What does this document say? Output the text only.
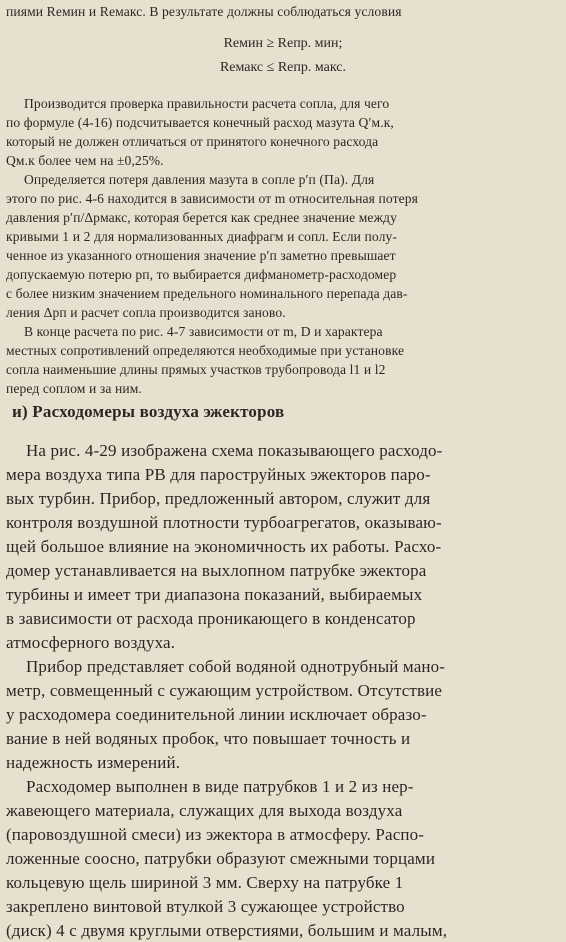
пиями Reмин и Reмакс. В результате должны соблюдаться условия
Reмин ≥ Reпр. мин;
Reмакс ≤ Reпр. макс.
Производится проверка правильности расчета сопла, для чего
по формуле (4-16) подсчитывается конечный расход мазута Q′м.к,
который не должен отличаться от принятого конечного расхода
Qм.к более чем на ±0,25%.
Определяется потеря давления мазута в сопле p′п (Па). Для
этого по рис. 4-6 находится в зависимости от m относительная потеря
давления p′п/Δpмакс, которая берется как среднее значение между
кривыми 1 и 2 для нормализованных диафрагм и сопл. Если полу-
ченное из указанного отношения значение p′п заметно превышает
допускаемую потерю pп, то выбирается дифманометр-расходомер
с более низким значением предельного номинального перепада дав-
ления Δpп и расчет сопла производится заново.
В конце расчета по рис. 4-7 зависимости от m, D и характера
местных сопротивлений определяются необходимые при установке
сопла наименьшие длины прямых участков трубопровода l1 и l2
перед соплом и за ним.
и) Расходомеры воздуха эжекторов
На рис. 4-29 изображена схема показывающего расходо-
мера воздуха типа РВ для пароструйных эжекторов паро-
вых турбин. Прибор, предложенный автором, служит для
контроля воздушной плотности турбоагрегатов, оказываю-
щей большое влияние на экономичность их работы. Расхо-
домер устанавливается на выхлопном патрубке эжектора
турбины и имеет три диапазона показаний, выбираемых
в зависимости от расхода проникающего в конденсатор
атмосферного воздуха.
Прибор представляет собой водяной однотрубный мано-
метр, совмещенный с сужающим устройством. Отсутствие
у расходомера соединительной линии исключает образо-
вание в ней водяных пробок, что повышает точность и
надежность измерений.
Расходомер выполнен в виде патрубков 1 и 2 из нер-
жавеющего материала, служащих для выхода воздуха
(паровоздушной смеси) из эжектора в атмосферу. Распо-
ложенные соосно, патрубки образуют смежными торцами
кольцевую щель шириной 3 мм. Сверху на патрубке 1
закреплено винтовой втулкой 3 сужающее устройство
(диск) 4 с двумя круглыми отверстиями, большим и малым,
